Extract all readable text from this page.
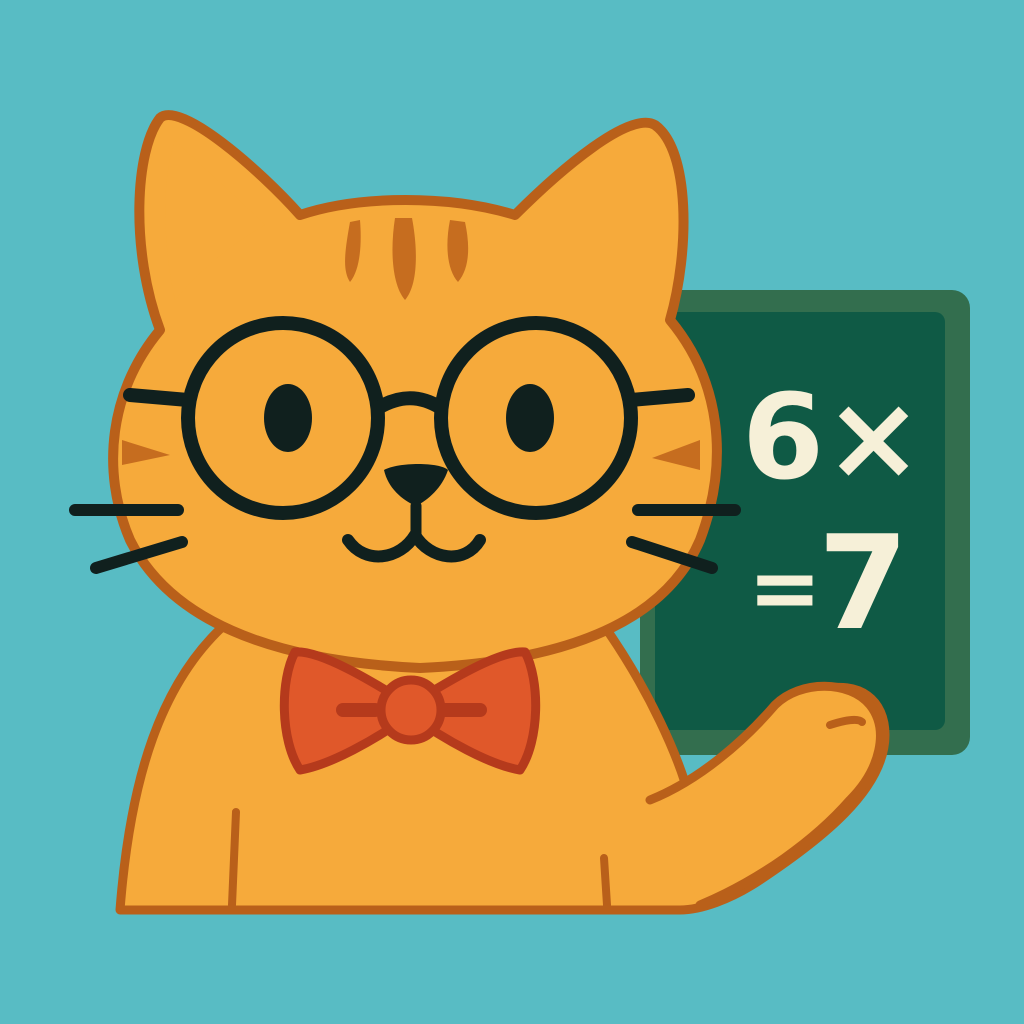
6×
=
7
